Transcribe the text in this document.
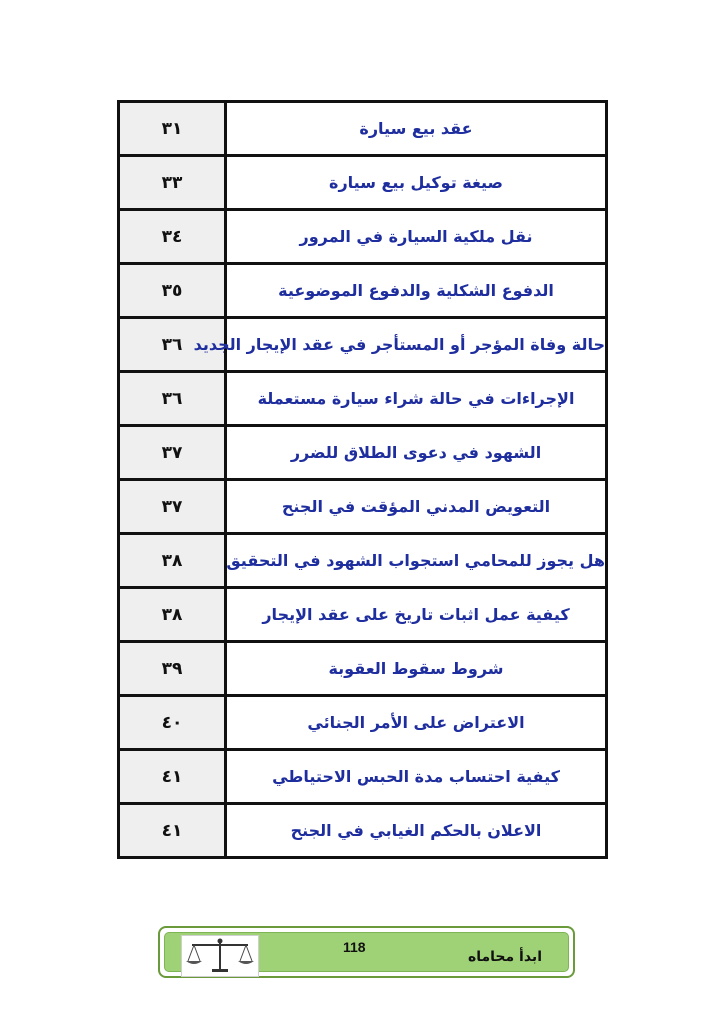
٣١	عقد بيع سيارة
٣٣	صيغة توكيل بيع سيارة
٣٤	نقل ملكية السيارة في المرور
٣٥	الدفوع الشكلية والدفوع الموضوعية
٣٦	حالة وفاة المؤجر أو المستأجر في عقد الإيجار الجديد
٣٦	الإجراءات في حالة شراء سيارة مستعملة
٣٧	الشهود في دعوى الطلاق للضرر
٣٧	التعويض المدني المؤقت في الجنح
٣٨	هل يجوز للمحامي استجواب الشهود في التحقيق
٣٨	كيفية عمل اثبات تاريخ على عقد الإيجار
٣٩	شروط سقوط العقوبة
٤٠	الاعتراض على الأمر الجنائي
٤١	كيفية احتساب مدة الحبس الاحتياطي
٤١	الاعلان بالحكم الغيابي في الجنح
118
ابدأ محاماه
